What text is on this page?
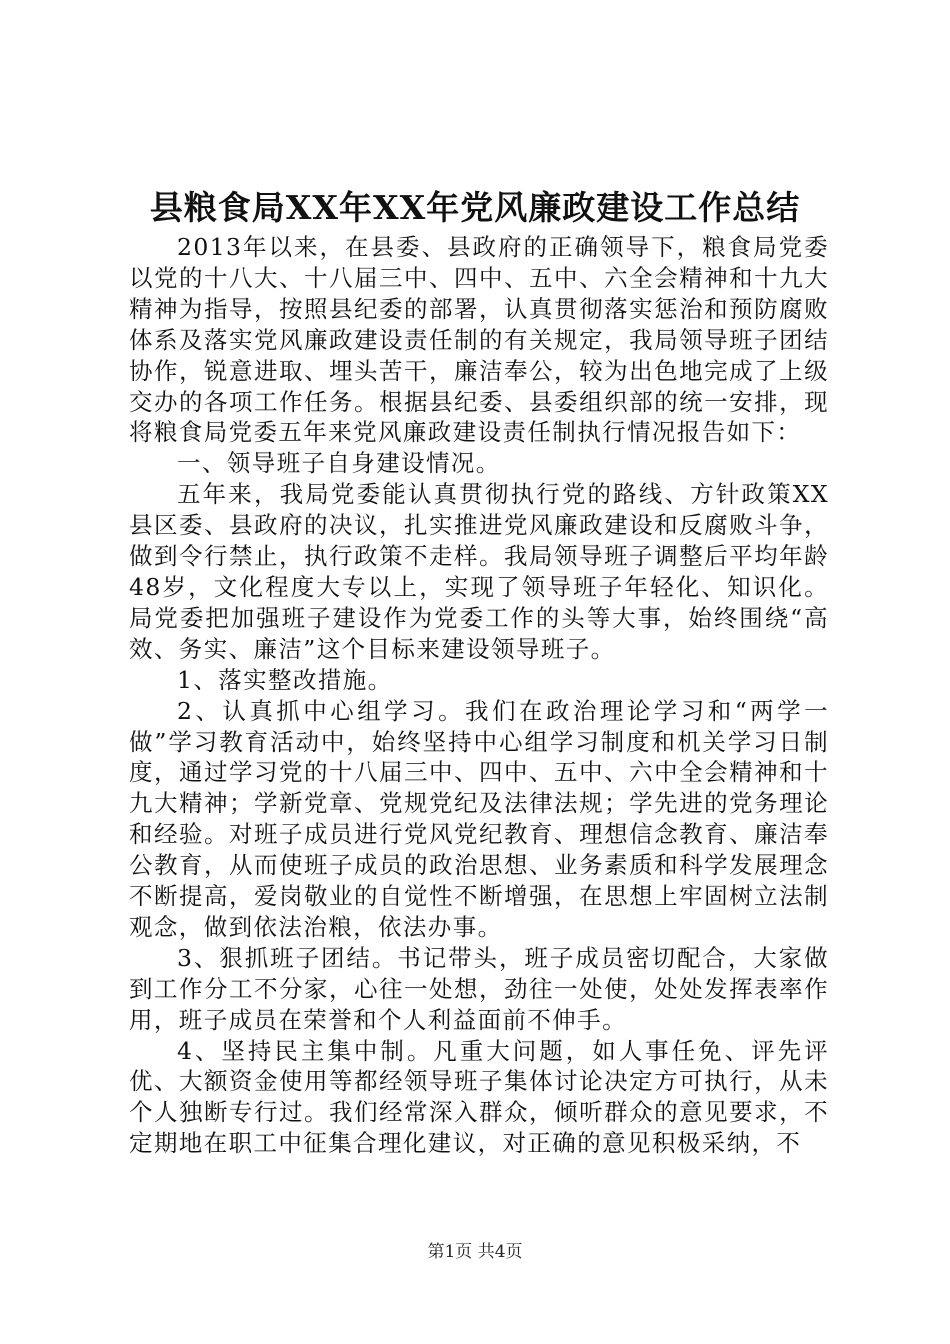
县粮食局XX年XX年党风廉政建设工作总结

2013年以来，在县委、县政府的正确领导下，粮食局党委以党的十八大、十八届三中、四中、五中、六全会精神和十九大精神为指导，按照县纪委的部署，认真贯彻落实惩治和预防腐败体系及落实党风廉政建设责任制的有关规定，我局领导班子团结协作，锐意进取、埋头苦干，廉洁奉公，较为出色地完成了上级交办的各项工作任务。根据县纪委、县委组织部的统一安排，现将粮食局党委五年来党风廉政建设责任制执行情况报告如下：

一、领导班子自身建设情况。

五年来，我局党委能认真贯彻执行党的路线、方针政策XX县区委、县政府的决议，扎实推进党风廉政建设和反腐败斗争，做到令行禁止，执行政策不走样。我局领导班子调整后平均年龄48岁，文化程度大专以上，实现了领导班子年轻化、知识化。局党委把加强班子建设作为党委工作的头等大事，始终围绕“高效、务实、廉洁”这个目标来建设领导班子。

1、落实整改措施。

2、认真抓中心组学习。我们在政治理论学习和“两学一做”学习教育活动中，始终坚持中心组学习制度和机关学习日制度，通过学习党的十八届三中、四中、五中、六中全会精神和十九大精神；学新党章、党规党纪及法律法规；学先进的党务理论和经验。对班子成员进行党风党纪教育、理想信念教育、廉洁奉公教育，从而使班子成员的政治思想、业务素质和科学发展理念不断提高，爱岗敬业的自觉性不断增强，在思想上牢固树立法制观念，做到依法治粮，依法办事。

3、狠抓班子团结。书记带头，班子成员密切配合，大家做到工作分工不分家，心往一处想，劲往一处使，处处发挥表率作用，班子成员在荣誉和个人利益面前不伸手。

4、坚持民主集中制。凡重大问题，如人事任免、评先评优、大额资金使用等都经领导班子集体讨论决定方可执行，从未个人独断专行过。我们经常深入群众，倾听群众的意见要求，不定期地在职工中征集合理化建议，对正确的意见积极采纳，不

第1页 共4页
